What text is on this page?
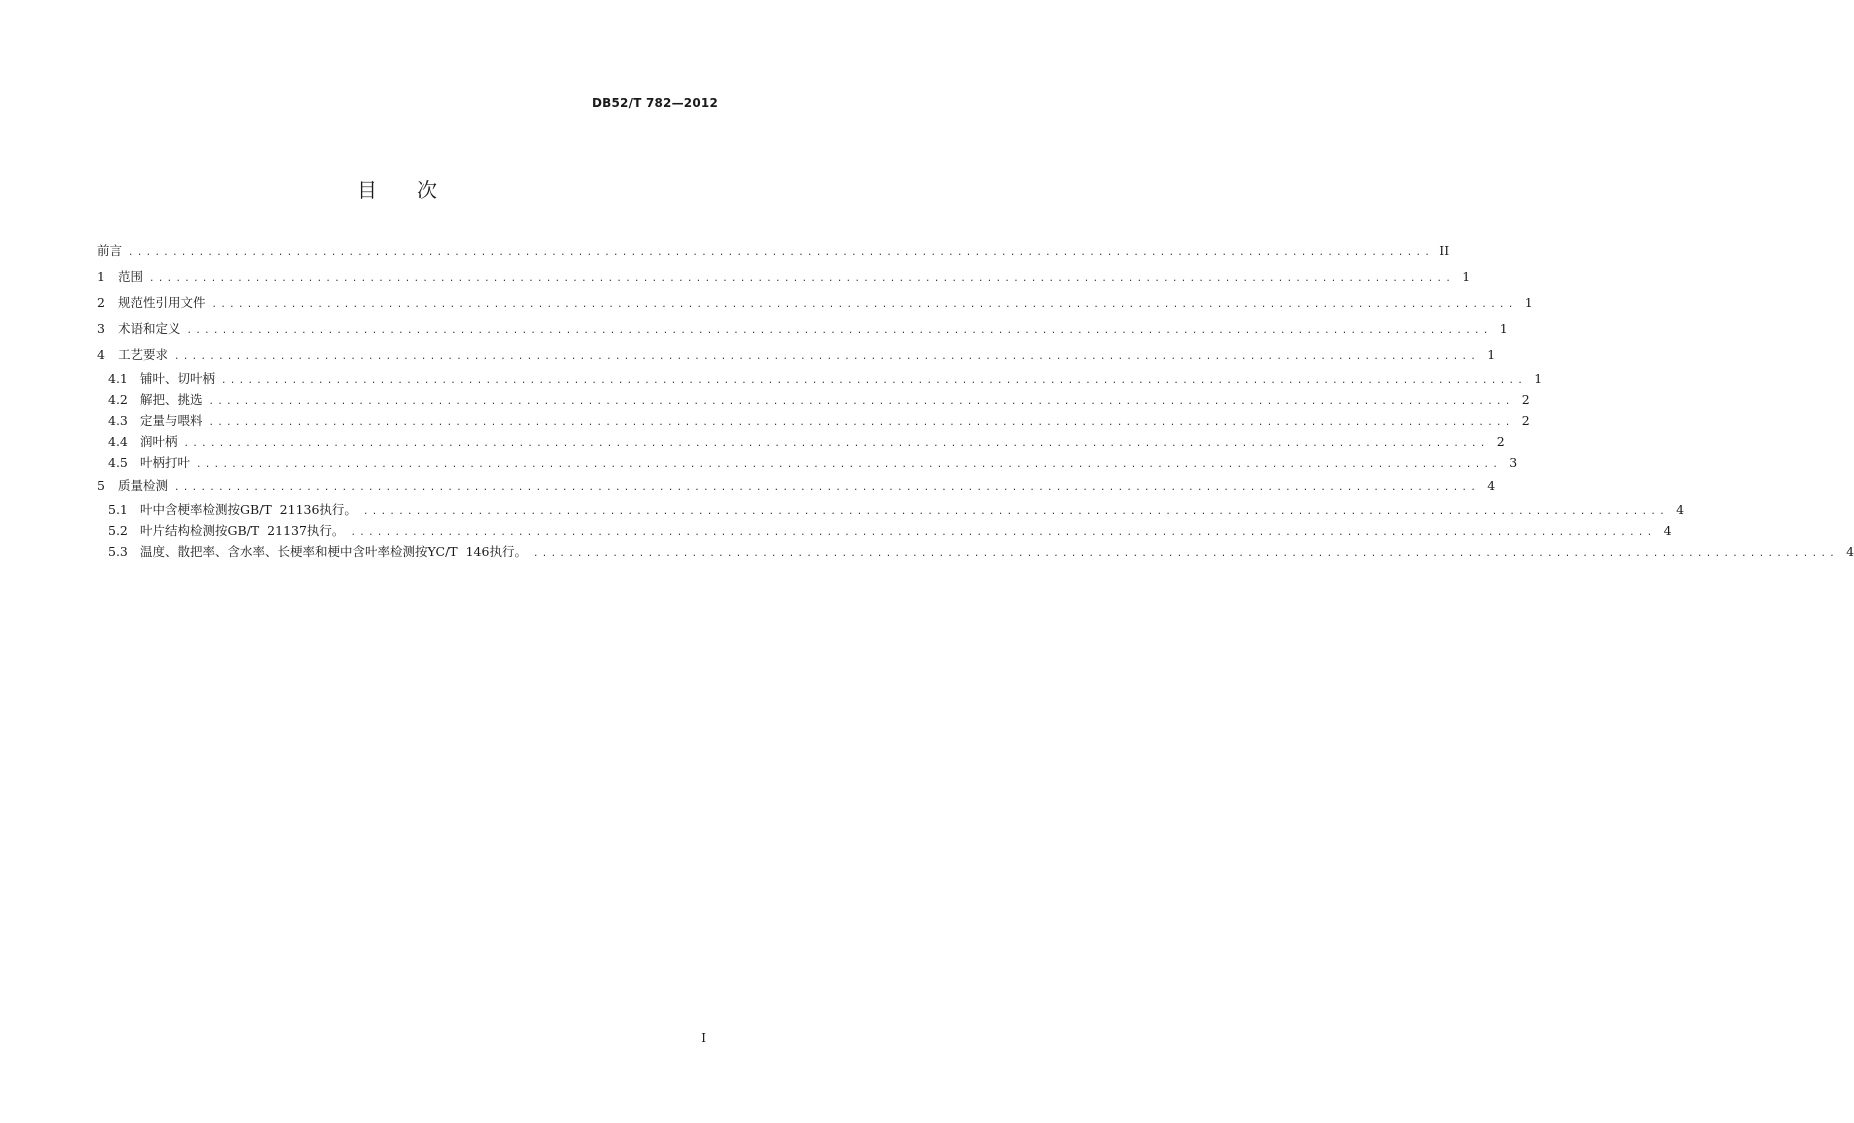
DB52/T 782—2012
目次
前言 .................................................................................................................................................... II
1 范围 .................................................................................................................................................... 1
2 规范性引用文件 .................................................................................................................................................... 1
3 术语和定义 .................................................................................................................................................... 1
4 工艺要求 .................................................................................................................................................... 1
4.1 铺叶、切叶柄 .................................................................................................................................................... 1
4.2 解把、挑选 .................................................................................................................................................... 2
4.3 定量与喂料 .................................................................................................................................................... 2
4.4 润叶柄 .................................................................................................................................................... 2
4.5 叶柄打叶 .................................................................................................................................................... 3
5 质量检测 .................................................................................................................................................... 4
5.1 叶中含梗率检测按GB/T  21136执行。 .................................................................................................................................................... 4
5.2 叶片结构检测按GB/T  21137执行。 .................................................................................................................................................... 4
5.3 温度、散把率、含水率、长梗率和梗中含叶率检测按YC/T  146执行。 .................................................................................................................................................... 4
I
